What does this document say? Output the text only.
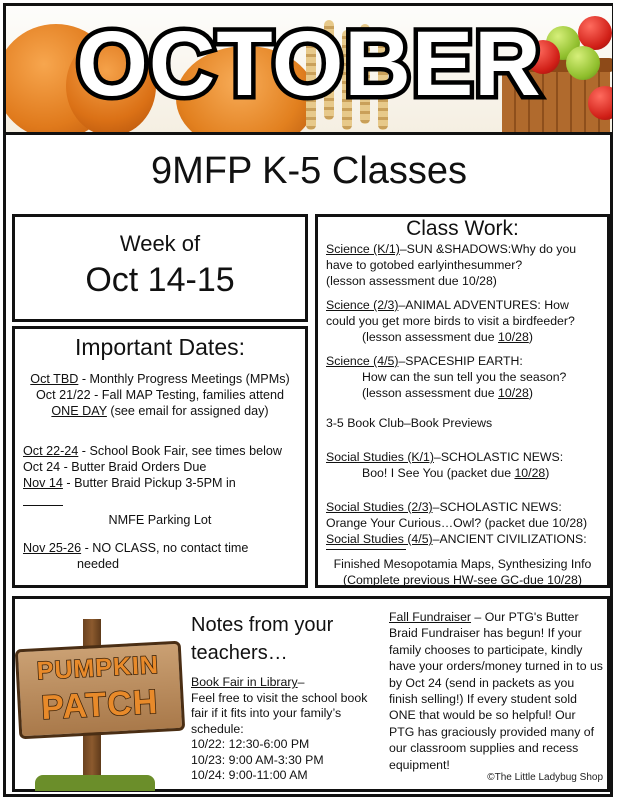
OCTOBER
9MFP K-5 Classes
Week of
Oct 14-15
Important Dates:
Oct TBD - Monthly Progress Meetings (MPMs)
Oct 21/22 - Fall MAP Testing, families attend
ONE DAY (see email for assigned day)
Oct 22-24 - School Book Fair, see times below
Oct 24 - Butter Braid Orders Due
Nov 14 - Butter Braid Pickup 3-5PM in
NMFE Parking Lot
Nov 25-26 - NO CLASS, no contact time
needed
Class Work:
Science (K/1)–SUN &SHADOWS:Why do you
have to gotobed earlyinthesummer?
(lesson assessment due 10/28)
Science (2/3)–ANIMAL ADVENTURES: How
could you get more birds to visit a birdfeeder?
(lesson assessment due 10/28)
Science (4/5)–SPACESHIP EARTH:
How can the sun tell you the season?
(lesson assessment due 10/28)
3-5 Book Club–Book Previews
Social Studies (K/1)–SCHOLASTIC NEWS:
Boo! I See You (packet due 10/28)
Social Studies (2/3)–SCHOLASTIC NEWS:
Orange Your Curious…Owl? (packet due 10/28)
Social Studies (4/5)–ANCIENT CIVILIZATIONS:

Finished Mesopotamia Maps, Synthesizing Info
(Complete previous HW-see GC-due 10/28)
PUMPKIN
PATCH
Notes from your
teachers…
Book Fair in Library–
Feel free to visit the school book fair if it fits into your family’s schedule:
10/22: 12:30-6:00 PM
10/23: 9:00 AM-3:30 PM
10/24: 9:00-11:00 AM
Fall Fundraiser – Our PTG's Butter Braid Fundraiser has begun! If your family chooses to participate, kindly have your orders/money turned in to us by Oct 24 (send in packets as you finish selling!) If every student sold ONE that would be so helpful! Our PTG has graciously provided many of our classroom supplies and recess equipment!
©The Little Ladybug Shop
